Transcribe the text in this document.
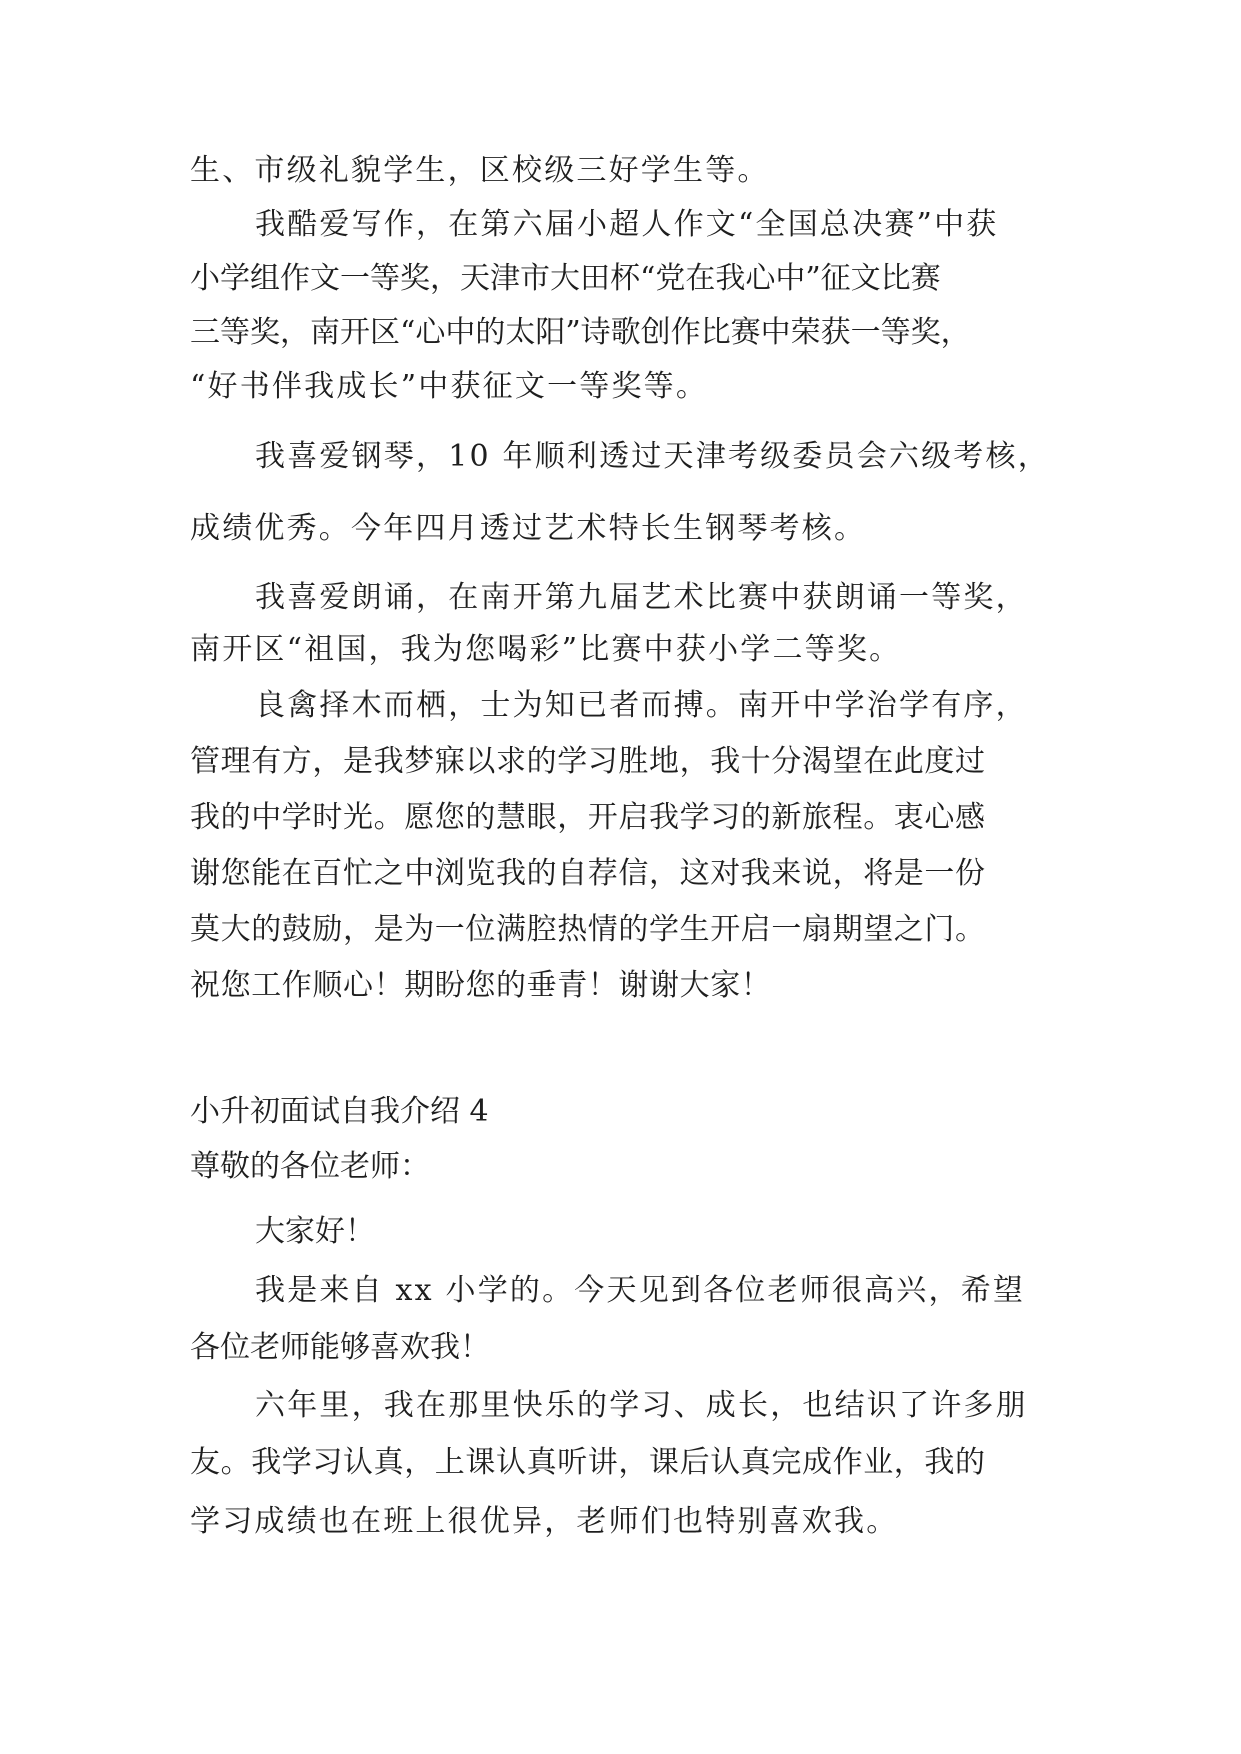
生、市级礼貌学生，区校级三好学生等。

我酷爱写作，在第六届小超人作文“全国总决赛”中获

小学组作文一等奖，天津市大田杯“党在我心中”征文比赛

三等奖，南开区“心中的太阳”诗歌创作比赛中荣获一等奖，

“好书伴我成长”中获征文一等奖等。

我喜爱钢琴，10 年顺利透过天津考级委员会六级考核，

成绩优秀。今年四月透过艺术特长生钢琴考核。

我喜爱朗诵，在南开第九届艺术比赛中获朗诵一等奖，

南开区“祖国，我为您喝彩”比赛中获小学二等奖。

良禽择木而栖，士为知已者而搏。南开中学治学有序，

管理有方，是我梦寐以求的学习胜地，我十分渴望在此度过

我的中学时光。愿您的慧眼，开启我学习的新旅程。衷心感

谢您能在百忙之中浏览我的自荐信，这对我来说，将是一份

莫大的鼓励，是为一位满腔热情的学生开启一扇期望之门。

祝您工作顺心！期盼您的垂青！谢谢大家！

小升初面试自我介绍 4

尊敬的各位老师：

大家好！

我是来自 xx 小学的。今天见到各位老师很高兴，希望

各位老师能够喜欢我！

六年里，我在那里快乐的学习、成长，也结识了许多朋

友。我学习认真，上课认真听讲，课后认真完成作业，我的

学习成绩也在班上很优异，老师们也特别喜欢我。
